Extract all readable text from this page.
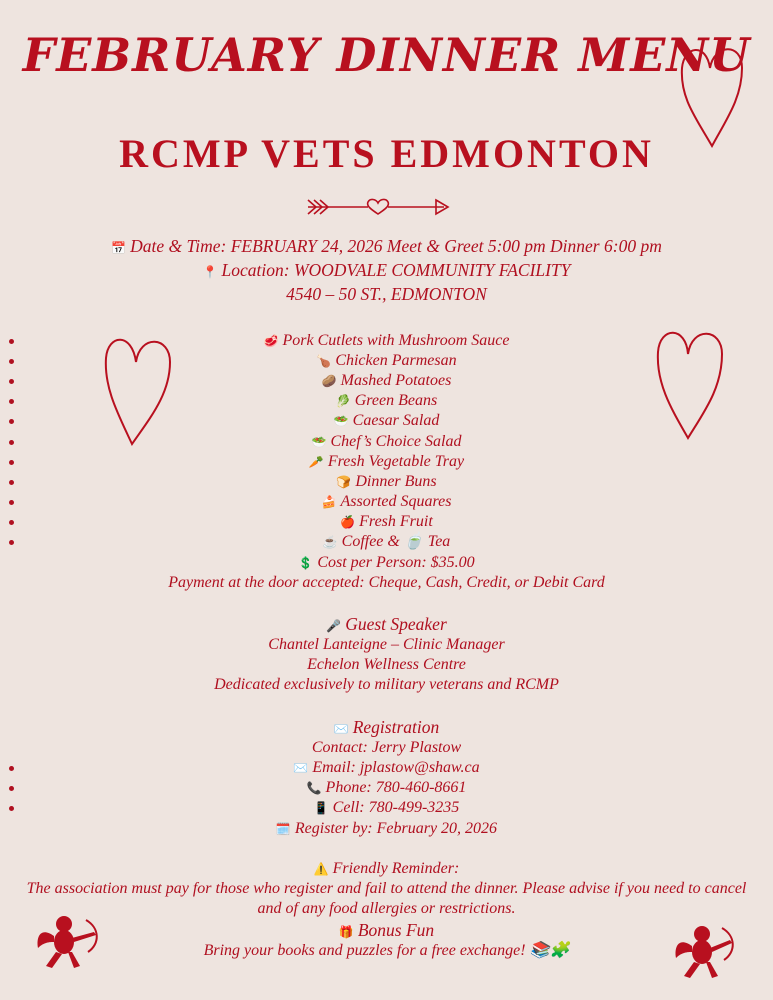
FEBRUARY DINNER MENU
RCMP VETS EDMONTON
📅 Date & Time: FEBRUARY 24, 2026 Meet & Greet 5:00 pm Dinner 6:00 pm
📍 Location: WOODVALE COMMUNITY FACILITY
4540 – 50 ST., EDMONTON
🥩 Pork Cutlets with Mushroom Sauce
🍗 Chicken Parmesan
🥔 Mashed Potatoes
🥬 Green Beans
🥗 Caesar Salad
🥗 Chef’s Choice Salad
🥕 Fresh Vegetable Tray
🍞 Dinner Buns
🍰 Assorted Squares
🍎 Fresh Fruit
☕ Coffee & 🍵 Tea
💲 Cost per Person: $35.00
Payment at the door accepted: Cheque, Cash, Credit, or Debit Card
🎤 Guest Speaker
Chantel Lanteigne – Clinic Manager
Echelon Wellness Centre
Dedicated exclusively to military veterans and RCMP
✉️ Registration
Contact: Jerry Plastow
✉️ Email: jplastow@shaw.ca
📞 Phone: 780-460-8661
📱 Cell: 780-499-3235
🗓️ Register by: February 20, 2026
⚠️ Friendly Reminder:
The association must pay for those who register and fail to attend the dinner. Please advise if you need to cancel and of any food allergies or restrictions.
🎁 Bonus Fun
Bring your books and puzzles for a free exchange! 📚🧩
